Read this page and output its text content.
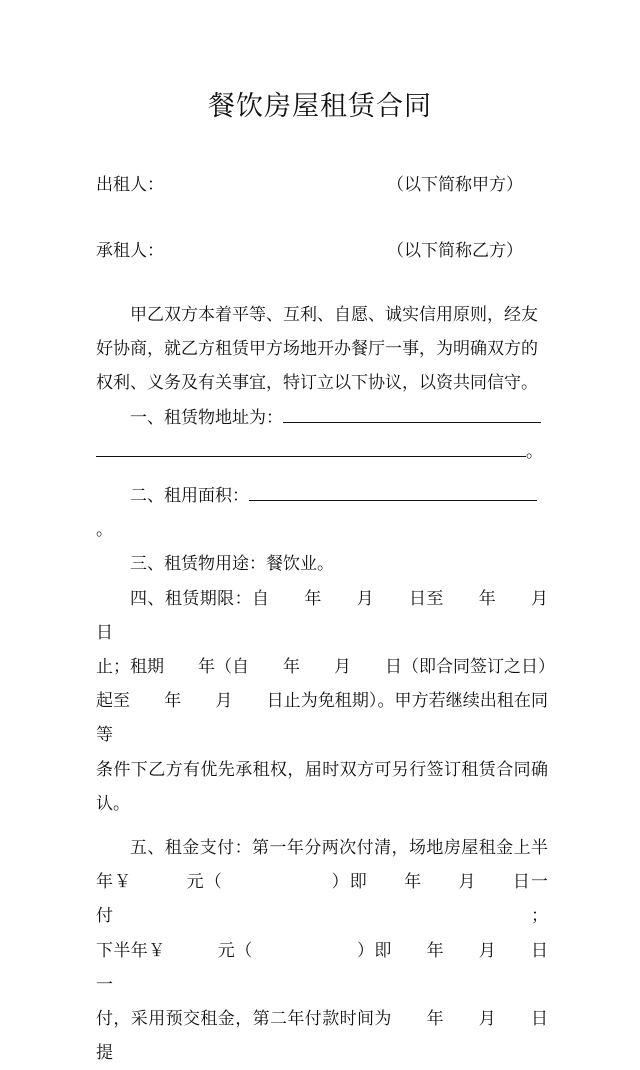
餐饮房屋租赁合同
出租人：	（以下简称甲方）
承租人：	（以下简称乙方）

甲乙双方本着平等、互利、自愿、诚实信用原则，经友

好协商，就乙方租赁甲方场地开办餐厅一事，为明确双方的

权利、义务及有关事宜，特订立以下协议，以资共同信守。

一、租赁物地址为：

。

二、租用面积：。

三、租赁物用途：餐饮业。

四、租赁期限：自　　年　　月　　日至　　年　　月　　日

止；租期　　年（自　　年　　月　　日（即合同签订之日）

起至　　年　　月　　日止为免租期）。甲方若继续出租在同等

条件下乙方有优先承租权，届时双方可另行签订租赁合同确

认。

五、租金支付：第一年分两次付清，场地房屋租金上半

年￥　　　元（　　　　　　）即　　年　　月　　日一付；

下半年￥　　　元（　　　　　　）即　　年　　月　　日一

付，采用预交租金，第二年付款时间为　　年　　月　　日提
